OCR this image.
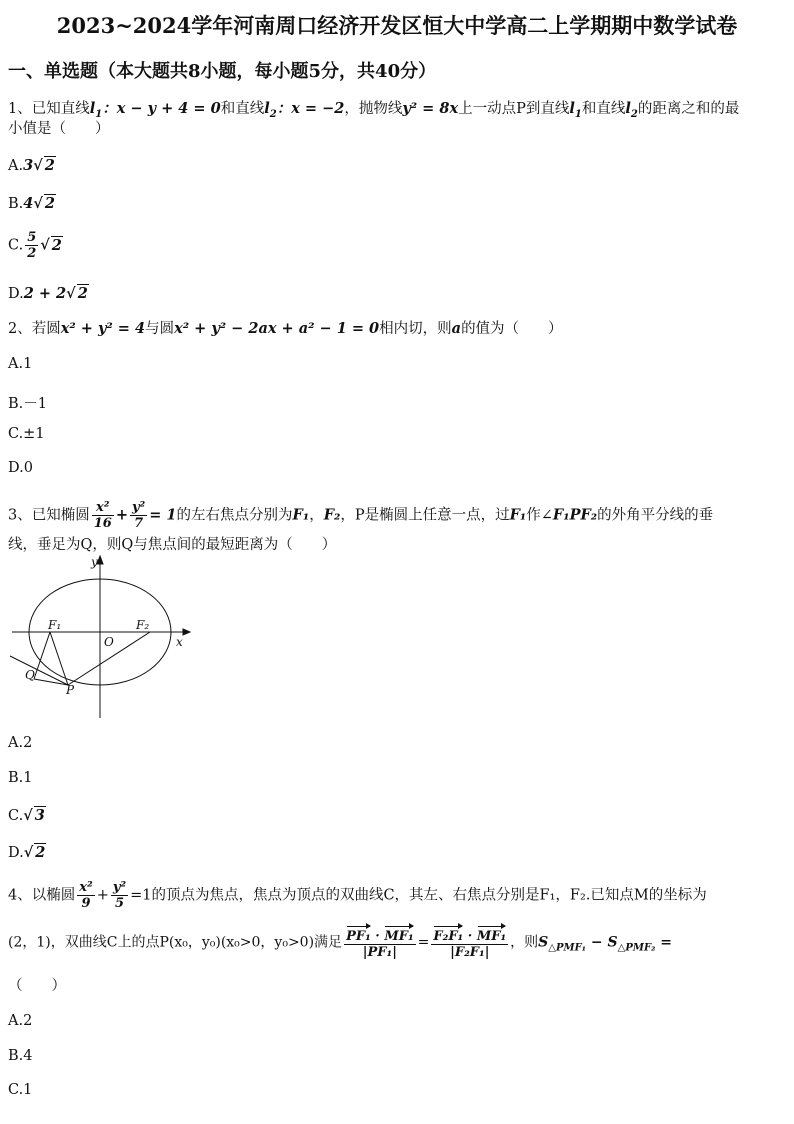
2023~2024学年河南周口经济开发区恒大中学高二上学期期中数学试卷
一、单选题（本大题共8小题，每小题5分，共40分）
1、已知直线$l_1$：x − y + 4 = 0和直线$l_2$：x = −2，抛物线y² = 8x上一动点P到直线$l_1$和直线$l_2$的距离之和的最
小值是（　　）
A.3√ 2
B.4√ 2
C. $\frac{5}{2}$ √ 2
D.2 + 2√ 2
2、若圆x² + y² = 4与圆x² + y² − 2ax + a² − 1 = 0相内切，则a的值为（　　）
A.1
B.－1
C.±1
D.0
3、已知椭圆 $\frac{\text{x²}}{16} + \frac{\text{y²}}{7} = 1$的左右焦点分别为F₁，F₂，P是椭圆上任意一点，过F₁作∠F₁PF₂的外角平分线的垂
线，垂足为Q，则Q与焦点间的最短距离为（　　）
y
x
O
F₁	F₂
Q
P
A.2
B.1
C.√ 3
D.√ 2
4、以椭圆 $\frac{\text{x²}}{9} + \frac{\text{y²}}{5} =1$的顶点为焦点，焦点为顶点的双曲线C，其左、右焦点分别是F₁，F₂.已知点M的坐标为
(2，1)，双曲线C上的点P(x₀，y₀)(x₀>0，y₀>0)满足 $\frac{\text{PF₁ · MF₁}}{\text{|PF₁|}} = \frac{\text{F₂F₁ · MF₁}}{\text{|F₂F₁|}}$ ，则$S_{\triangle PMF_1} - S_{\triangle PMF_2}$ =
（　　）
A.2
B.4
C.1
